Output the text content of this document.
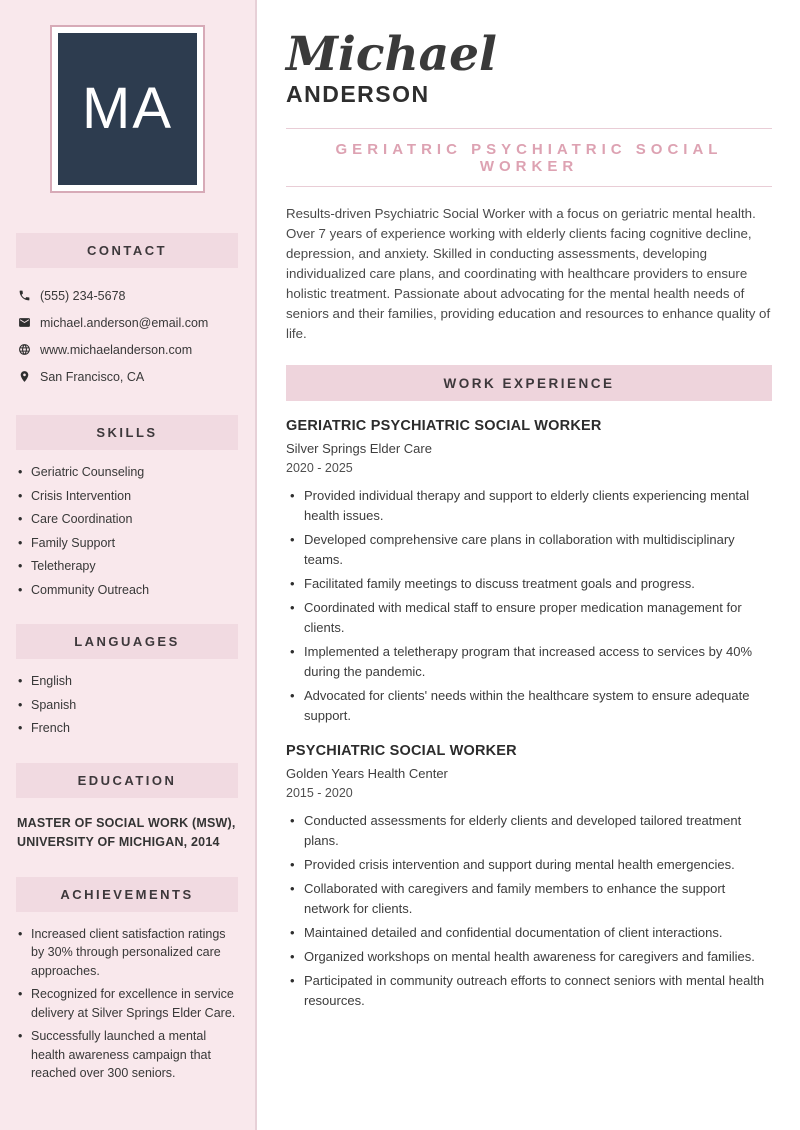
MA
CONTACT
(555) 234-5678
michael.anderson@email.com
www.michaelanderson.com
San Francisco, CA
SKILLS
• Geriatric Counseling
• Crisis Intervention
• Care Coordination
• Family Support
• Teletherapy
• Community Outreach
LANGUAGES
• English
• Spanish
• French
EDUCATION

MASTER OF SOCIAL WORK (MSW), UNIVERSITY OF MICHIGAN, 2014

ACHIEVEMENTS
• Increased client satisfaction ratings by 30% through personalized care approaches.
• Recognized for excellence in service delivery at Silver Springs Elder Care.
• Successfully launched a mental health awareness campaign that reached over 300 seniors.
Michael
ANDERSON
GERIATRIC PSYCHIATRIC SOCIAL WORKER

Results-driven Psychiatric Social Worker with a focus on geriatric mental health. Over 7 years of experience working with elderly clients facing cognitive decline, depression, and anxiety. Skilled in conducting assessments, developing individualized care plans, and coordinating with healthcare providers to ensure holistic treatment. Passionate about advocating for the mental health needs of seniors and their families, providing education and resources to enhance quality of life.

WORK EXPERIENCE
GERIATRIC PSYCHIATRIC SOCIAL WORKER
Silver Springs Elder Care
2020 - 2025
• Provided individual therapy and support to elderly clients experiencing mental health issues.
• Developed comprehensive care plans in collaboration with multidisciplinary teams.
• Facilitated family meetings to discuss treatment goals and progress.
• Coordinated with medical staff to ensure proper medication management for clients.
• Implemented a teletherapy program that increased access to services by 40% during the pandemic.
• Advocated for clients' needs within the healthcare system to ensure adequate support.
PSYCHIATRIC SOCIAL WORKER
Golden Years Health Center
2015 - 2020
• Conducted assessments for elderly clients and developed tailored treatment plans.
• Provided crisis intervention and support during mental health emergencies.
• Collaborated with caregivers and family members to enhance the support network for clients.
• Maintained detailed and confidential documentation of client interactions.
• Organized workshops on mental health awareness for caregivers and families.
• Participated in community outreach efforts to connect seniors with mental health resources.
